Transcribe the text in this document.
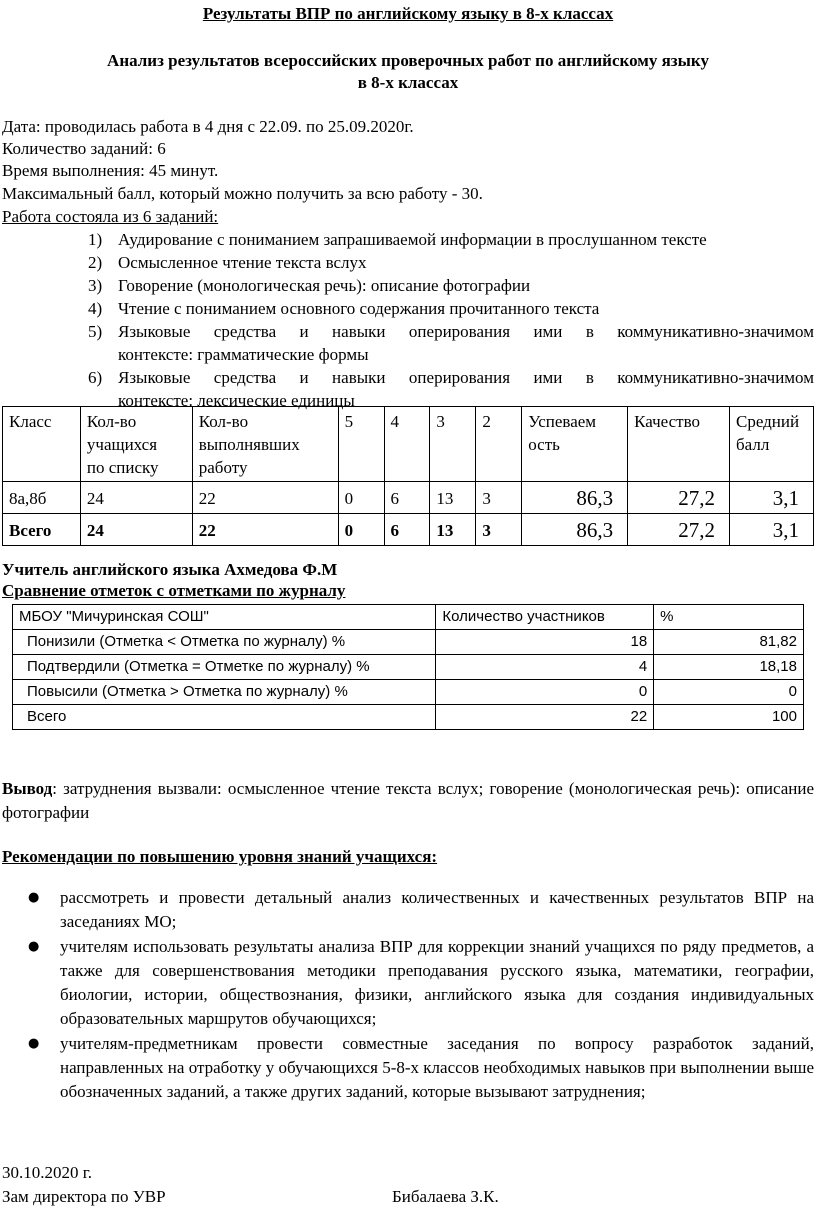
Результаты ВПР по английскому языку в 8-х классах
Анализ результатов всероссийских проверочных работ по английскому языку
в 8-х классах
Дата: проводилась работа в 4 дня с 22.09. по 25.09.2020г.
Количество заданий: 6
Время выполнения: 45 минут.
Максимальный балл, который можно получить за всю работу - 30.
Работа состояла из 6 заданий:
1) Аудирование с пониманием запрашиваемой информации в прослушанном тексте
2) Осмысленное чтение текста вслух
3) Говорение (монологическая речь): описание фотографии
4) Чтение с пониманием основного содержания прочитанного текста
5) Языковые средства и навыки оперирования ими в коммуникативно-значимом
контексте: грамматические формы
6) Языковые средства и навыки оперирования ими в коммуникативно-значимом
контексте: лексические единицы
Класс	Кол-во
учащихся
по списку	Кол-во
выполнявших
работу	5	4	3	2	Успеваем
ость	Качество	Средний
балл
8а,8б	24	22	0	6	13	3	86,3	27,2	3,1
Всего	24	22	0	6	13	3	86,3	27,2	3,1
Учитель английского языка Ахмедова Ф.М
Сравнение отметок с отметками по журналу
МБОУ "Мичуринская СОШ"	Количество участников	%
Понизили (Отметка < Отметка по журналу) %	18	81,82
Подтвердили (Отметка = Отметке по журналу) %	4	18,18
Повысили (Отметка > Отметка по журналу) %	0	0
Всего	22	100
Вывод: затруднения вызвали: осмысленное чтение текста вслух; говорение (монологическая речь): описание фотографии
Рекомендации по повышению уровня знаний учащихся:
● рассмотреть и провести детальный анализ количественных и качественных результатов ВПР на заседаниях МО;
● учителям использовать результаты анализа ВПР для коррекции знаний учащихся по ряду предметов, а также для совершенствования методики преподавания русского языка, математики, географии, биологии, истории, обществознания, физики, английского языка для создания индивидуальных образовательных маршрутов обучающихся;
● учителям-предметникам провести совместные заседания по вопросу разработок заданий, направленных на отработку у обучающихся 5-8-х классов необходимых навыков при выполнении выше обозначенных заданий, а также других заданий, которые вызывают затруднения;
30.10.2020 г.
Зам директора по УВР	Бибалаева З.К.
